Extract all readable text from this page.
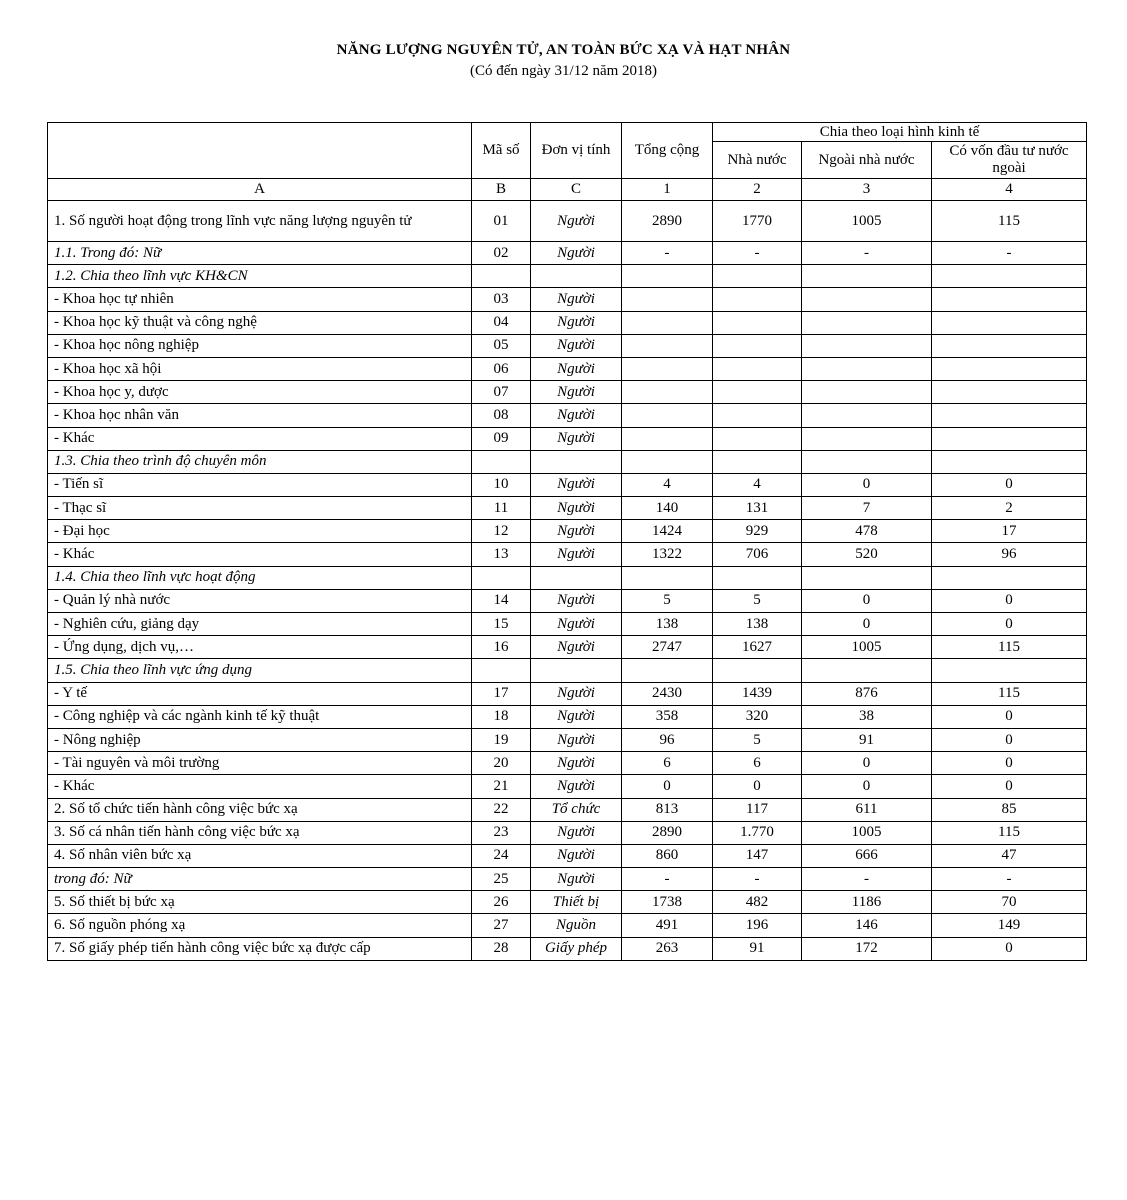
NĂNG LƯỢNG NGUYÊN TỬ, AN TOÀN BỨC XẠ VÀ HẠT NHÂN
(Có đến ngày 31/12 năm 2018)
	Mã số	Đơn vị tính	Tổng cộng	Chia theo loại hình kinh tế		
				Nhà nước	Ngoài nhà nước	Có vốn đầu tư nước ngoài
A	B	C	1	2	3	4
1. Số người hoạt động trong lĩnh vực năng lượng nguyên tử	01	Người	2890	1770	1005	115
1.1. Trong đó: Nữ	02	Người	-	-	-	-
1.2. Chia theo lĩnh vực KH&CN						
- Khoa học tự nhiên	03	Người				
- Khoa học kỹ thuật và công nghệ	04	Người				
- Khoa học nông nghiệp	05	Người				
- Khoa học xã hội	06	Người				
- Khoa học y, dược	07	Người				
- Khoa học nhân văn	08	Người				
- Khác	09	Người				
1.3. Chia theo trình độ chuyên môn						
- Tiến sĩ	10	Người	4	4	0	0
- Thạc sĩ	11	Người	140	131	7	2
- Đại học	12	Người	1424	929	478	17
- Khác	13	Người	1322	706	520	96
1.4. Chia theo lĩnh vực hoạt động						
- Quản lý nhà nước	14	Người	5	5	0	0
- Nghiên cứu, giảng dạy	15	Người	138	138	0	0
- Ứng dụng, dịch vụ,…	16	Người	2747	1627	1005	115
1.5. Chia theo lĩnh vực ứng dụng						
- Y tế	17	Người	2430	1439	876	115
- Công nghiệp và các ngành kinh tế kỹ thuật	18	Người	358	320	38	0
- Nông nghiệp	19	Người	96	5	91	0
- Tài nguyên và môi trường	20	Người	6	6	0	0
- Khác	21	Người	0	0	0	0
2. Số tổ chức tiến hành công việc bức xạ	22	Tổ chức	813	117	611	85
3. Số cá nhân tiến hành công việc bức xạ	23	Người	2890	1.770	1005	115
4. Số nhân viên bức xạ	24	Người	860	147	666	47
trong đó: Nữ	25	Người	-	-	-	-
5. Số thiết bị bức xạ	26	Thiết bị	1738	482	1186	70
6. Số nguồn phóng xạ	27	Nguồn	491	196	146	149
7. Số giấy phép tiến hành công việc bức xạ được cấp	28	Giấy phép	263	91	172	0
